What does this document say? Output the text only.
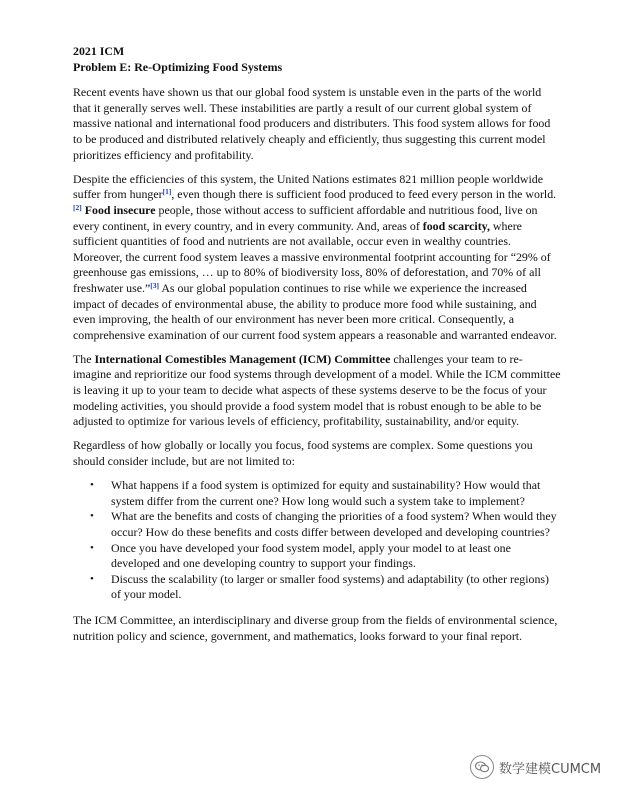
2021 ICM
Problem E: Re-Optimizing Food Systems

Recent events have shown us that our global food system is unstable even in the parts of the world that it generally serves well. These instabilities are partly a result of our current global system of massive national and international food producers and distributers. This food system allows for food to be produced and distributed relatively cheaply and efficiently, thus suggesting this current model prioritizes efficiency and profitability.

Despite the efficiencies of this system, the United Nations estimates 821 million people worldwide suffer from hunger[1], even though there is sufficient food produced to feed every person in the world.[2] Food insecure people, those without access to sufficient affordable and nutritious food, live on every continent, in every country, and in every community. And, areas of food scarcity, where sufficient quantities of food and nutrients are not available, occur even in wealthy countries. Moreover, the current food system leaves a massive environmental footprint accounting for “29% of greenhouse gas emissions, … up to 80% of biodiversity loss, 80% of deforestation, and 70% of all freshwater use.”[3] As our global population continues to rise while we experience the increased impact of decades of environmental abuse, the ability to produce more food while sustaining, and even improving, the health of our environment has never been more critical. Consequently, a comprehensive examination of our current food system appears a reasonable and warranted endeavor.

The International Comestibles Management (ICM) Committee challenges your team to re-imagine and reprioritize our food systems through development of a model. While the ICM committee is leaving it up to your team to decide what aspects of these systems deserve to be the focus of your modeling activities, you should provide a food system model that is robust enough to be able to be adjusted to optimize for various levels of efficiency, profitability, sustainability, and/or equity.

Regardless of how globally or locally you focus, food systems are complex. Some questions you should consider include, but are not limited to:

• What happens if a food system is optimized for equity and sustainability? How would that system differ from the current one? How long would such a system take to implement?
• What are the benefits and costs of changing the priorities of a food system? When would they occur? How do these benefits and costs differ between developed and developing countries?
• Once you have developed your food system model, apply your model to at least one developed and one developing country to support your findings.
• Discuss the scalability (to larger or smaller food systems) and adaptability (to other regions) of your model.

The ICM Committee, an interdisciplinary and diverse group from the fields of environmental science, nutrition policy and science, government, and mathematics, looks forward to your final report.

数学建模CUMCM
